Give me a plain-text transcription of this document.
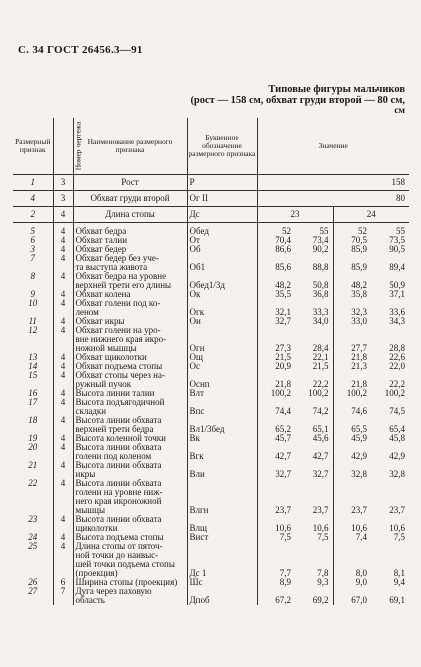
С. 34 ГОСТ 26456.3—91
Типовые фигуры мальчиков
(рост — 158 см, обхват груди второй — 80 см,
см
Размерный признак	Номер чертежа	Наименование размерного признака	Буквенное обозначение размерного признака	Значение			
1	3	Рост	Р	158			
4	3	Обхват груди второй	Ог II	80			
2	4	Длина стопы	Дс	23		24	
5	4	Обхват бедра	Обед	52	55	52	55

6	4	Обхват талии	От	70,4	73,4	70,5	73,5

3	4	Обхват бедер	Об	86,6	90,2	85,9	90,5

7	4	Обхват бедер без уче-
та выступа живота	Об1	85,6	88,8	85,9	89,4

8	4	Обхват бедра на уровне
верхней трети его длины	Обед1/3д	48,2	50,8	48,2	50,9

9	4	Обхват колена	Ок	35,5	36,8	35,8	37,1

10	4	Обхват голени под ко-
леном	Огк	32,1	33,3	32,3	33,6

11	4	Обхват икры	Ои	32,7	34,0	33,0	34,3

12	4	Обхват голени на уро-
вне нижнего края икро-
ножной мышцы	Огн	27,3	28,4	27,7	28,8

13	4	Обхват щиколотки	Ощ	21,5	22,1	21,8	22,6

14	4	Обхват подъема стопы	Ос	20,9	21,5	21,3	22,0

15	4	Обхват стопы через на-
ружный пучок	Оснп	21,8	22,2	21,8	22,2

16	4	Высота линии талии	Влт	100,2	100,2	100,2	100,2

17	4	Высота подъягодичной
складки	Впс	74,4	74,2	74,6	74,5

18	4	Высота линии обхвата
верхней трети бедра	Вл1/3бед	65,2	65,1	65,5	65,4

19	4	Высота коленной точки	Вк	45,7	45,6	45,9	45,8

20	4	Высота линии обхвата
голени под коленом	Вгк	42,7	42,7	42,9	42,9

21	4	Высота линии обхвата
икры	Вли	32,7	32,7	32,8	32,8

22	4	Высота линии обхвата
голени на уровне ниж-
него края икроножной
мышцы	Влгн	23,7	23,7	23,7	23,7

23	4	Высота линии обхвата
щиколотки	Влщ	10,6	10,6	10,6	10,6

24	4	Высота подъема стопы	Вист	7,5	7,5	7,4	7,5

25	4	Длина стопы от пяточ-
ной точки до наивыс-
шей точки подъема стопы
(проекция)	Дс 1	7,7	7,8	8,0	8,1

26	6	Ширина стопы (проекция)	Шс	8,9	9,3	9,0	9,4

27	7	Дуга через паховую
область	Дпоб	67,2	69,2	67,0	69,1
